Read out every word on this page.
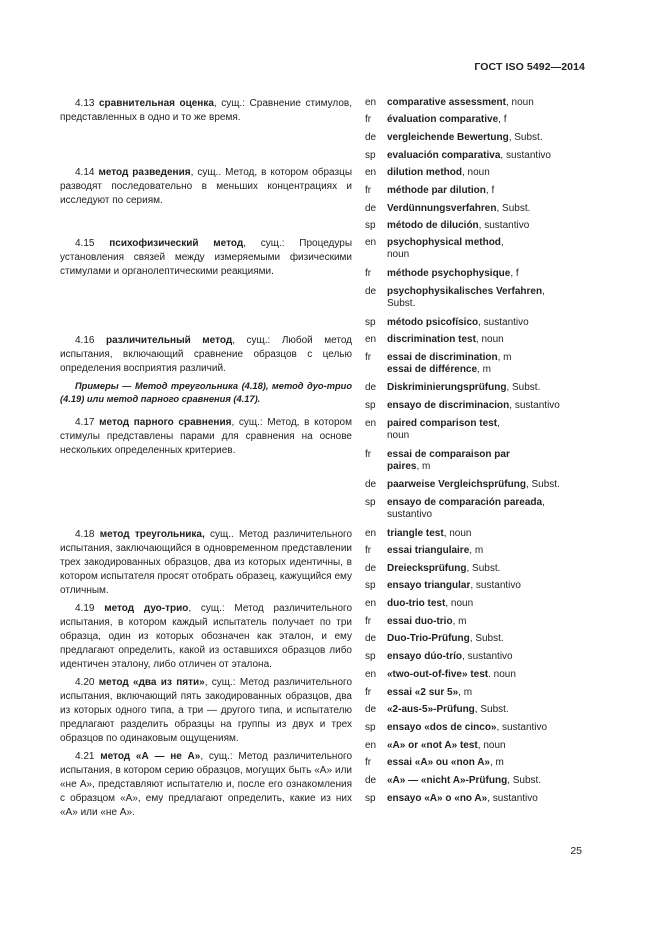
ГОСТ ISO 5492—2014

4.13 сравнительная оценка, сущ.: Сравнение стимулов, представленных в одно и то же время.

4.14 метод разведения, сущ.. Метод, в котором образцы разводят последовательно в меньших концентрациях и исследуют по сериям.

4.15 психофизический метод, сущ.: Процедуры установления связей между измеряемыми физическими стимулами и органолептическими реакциями.

4.16 различительный метод, сущ.: Любой метод испытания, включающий сравнение образцов с целью определения восприятия различий.

Примеры — Метод треугольника (4.18), метод дуо-трио (4.19) или метод парного сравнения (4.17).

4.17 метод парного сравнения, сущ.: Метод, в котором стимулы представлены парами для сравнения на основе нескольких определенных критериев.

4.18 метод треугольника, сущ.. Метод различительного испытания, заключающийся в одновременном представлении трех закодированных образцов, два из которых идентичны, в котором испытателя просят отобрать образец, кажущийся ему отличным.

4.19 метод дуо-трио, сущ.: Метод различительного испытания, в котором каждый испытатель получает по три образца, один из которых обозначен как эталон, и ему предлагают определить, какой из оставшихся образцов либо идентичен эталону, либо отличен от эталона.

4.20 метод «два из пяти», сущ.: Метод различительного испытания, включающий пять закодированных образцов, два из которых одного типа, а три — другого типа, и испытателю предлагают разделить образцы на группы из двух и трех образцов по одинаковым ощущениям.

4.21 метод «А — не А», сущ.: Метод различительного испытания, в котором серию образцов, могущих быть «А» или «не А», представляют испытателю и, после его ознакомления с образцом «А», ему предлагают определить, какие из них «А» или «не А».

en	comparative assessment, noun
fr	évaluation comparative, f
de	vergleichende Bewertung, Subst.
sp	evaluación comparativa, sustantivo
en	dilution method, noun
fr	méthode par dilution, f
de	Verdünnungsverfahren, Subst.
sp	método de dilución, sustantivo
en	psychophysical method,
noun
fr	méthode psychophysique, f
de	psychophysikalisches Verfahren,
Subst.
sp	método psicofísico, sustantivo
en	discrimination test, noun
fr	essai de discrimination, m
essai de différence, m
de	Diskriminierungsprüfung, Subst.
sp	ensayo de discriminacion, sustantivo
en	paired comparison test,
noun
fr	essai de comparaison par
paires, m
de	paarweise Vergleichsprüfung, Subst.
sp	ensayo de comparación pareada,
sustantivo
en	triangle test, noun
fr	essai triangulaire, m
de	Dreiecksprüfung, Subst.
sp	ensayo triangular, sustantivo
en	duo-trio test, noun
fr	essai duo-trio, m
de	Duo-Trio-Prüfung, Subst.
sp	ensayo dúo-trío, sustantivo
en	«two-out-of-five» test. noun
fr	essai «2 sur 5», m
de	«2-aus-5»-Prüfung, Subst.
sp	ensayo «dos de cinco», sustantivo
en	«A» or «not A» test, noun
fr	essai «A» ou «non A», m
de	«A» — «nicht A»-Prüfung, Subst.
sp	ensayo «A» o «no A», sustantivo
25
